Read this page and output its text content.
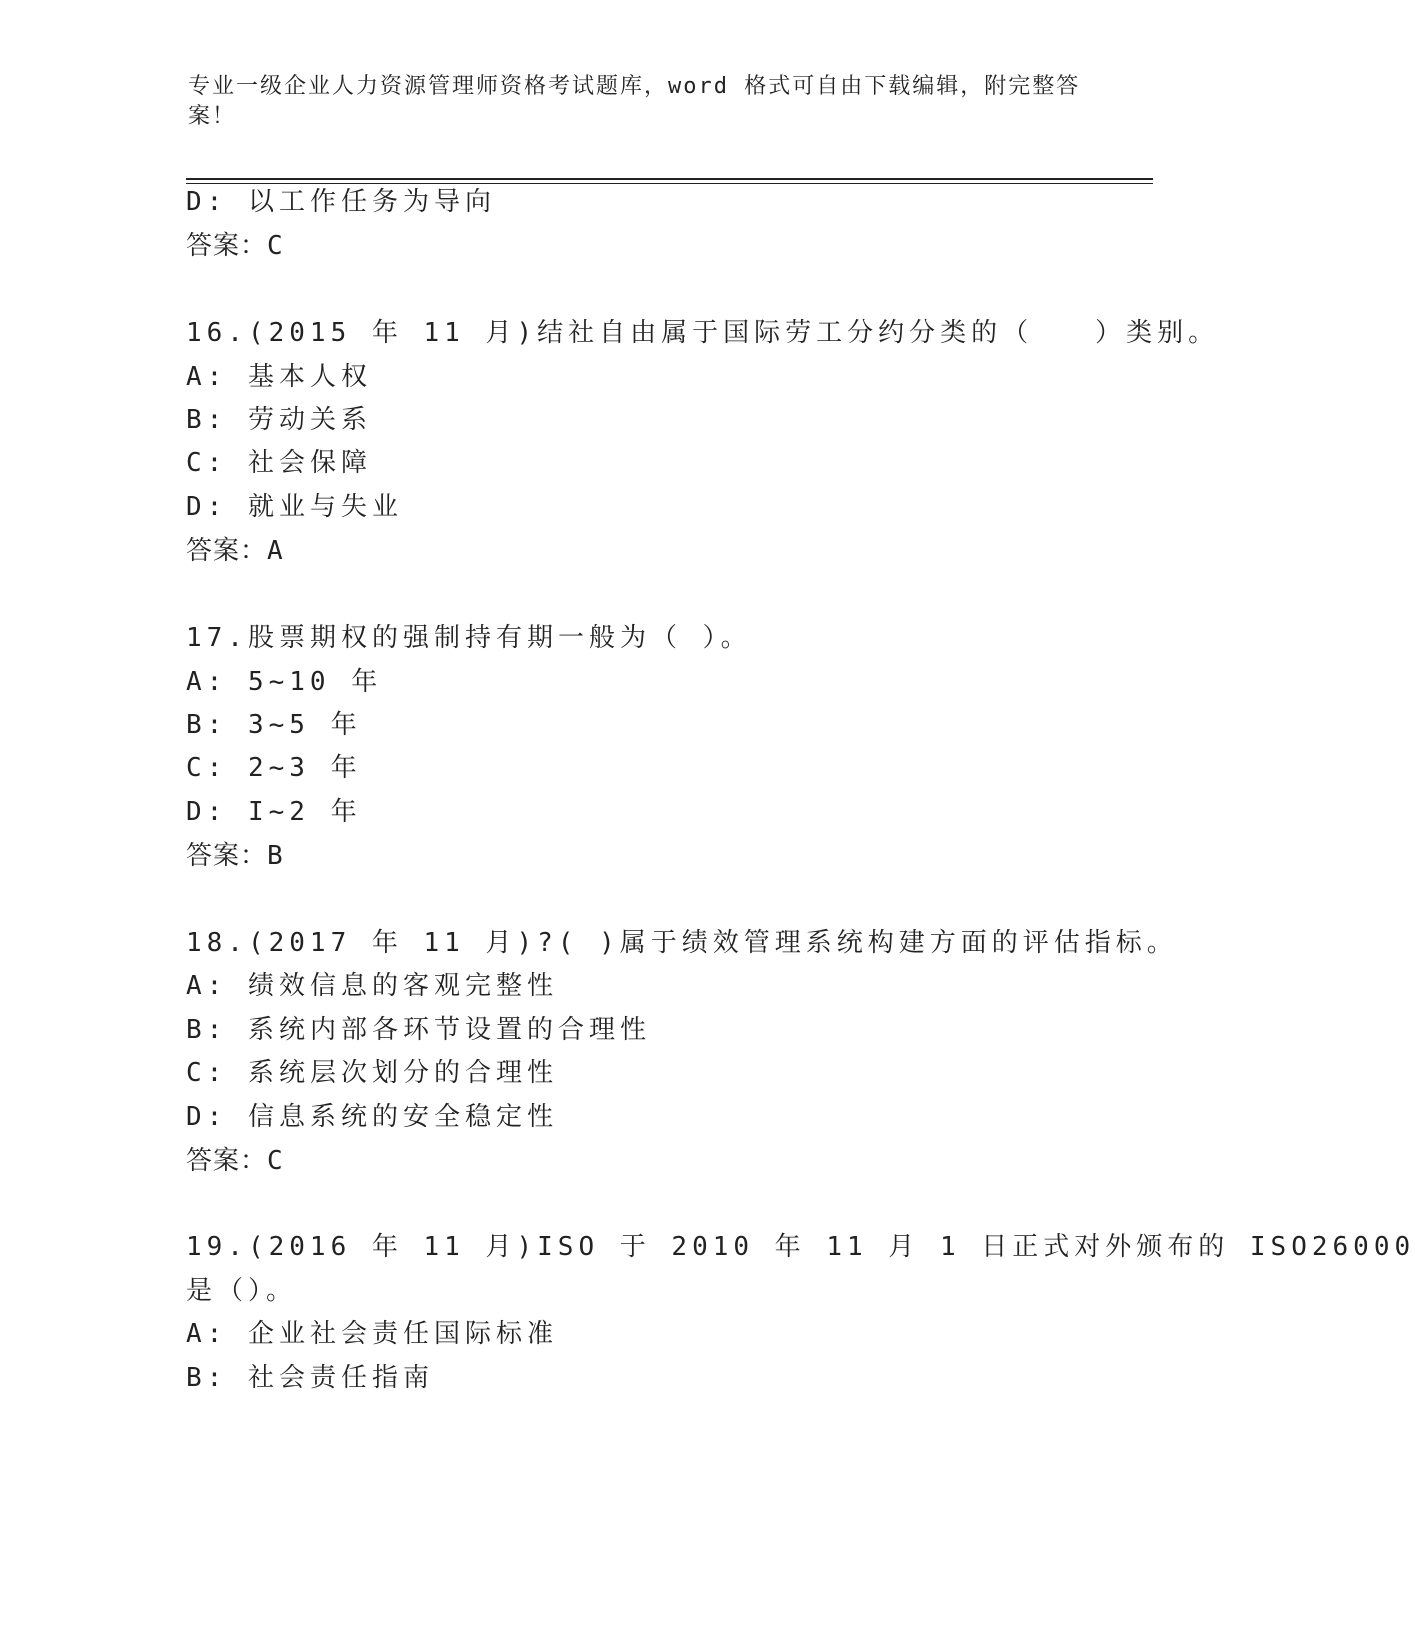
专业一级企业人力资源管理师资格考试题库，word 格式可自由下载编辑，附完整答案！
D: 以工作任务为导向
答案：C
16.(2015 年 11 月)结社自由属于国际劳工分约分类的（　　）类别。
A: 基本人权
B: 劳动关系
C: 社会保障
D: 就业与失业
答案：A
17.股票期权的强制持有期一般为（ ）。
A: 5~10 年
B: 3~5 年
C: 2~3 年
D: I~2 年
答案：B
18.(2017 年 11 月)?( )属于绩效管理系统构建方面的评估指标。
A: 绩效信息的客观完整性
B: 系统内部各环节设置的合理性
C: 系统层次划分的合理性
D: 信息系统的安全稳定性
答案：C
19.(2016 年 11 月)ISO 于 2010 年 11 月 1 日正式对外颁布的 ISO26000
是（）。
A: 企业社会责任国际标准
B: 社会责任指南
